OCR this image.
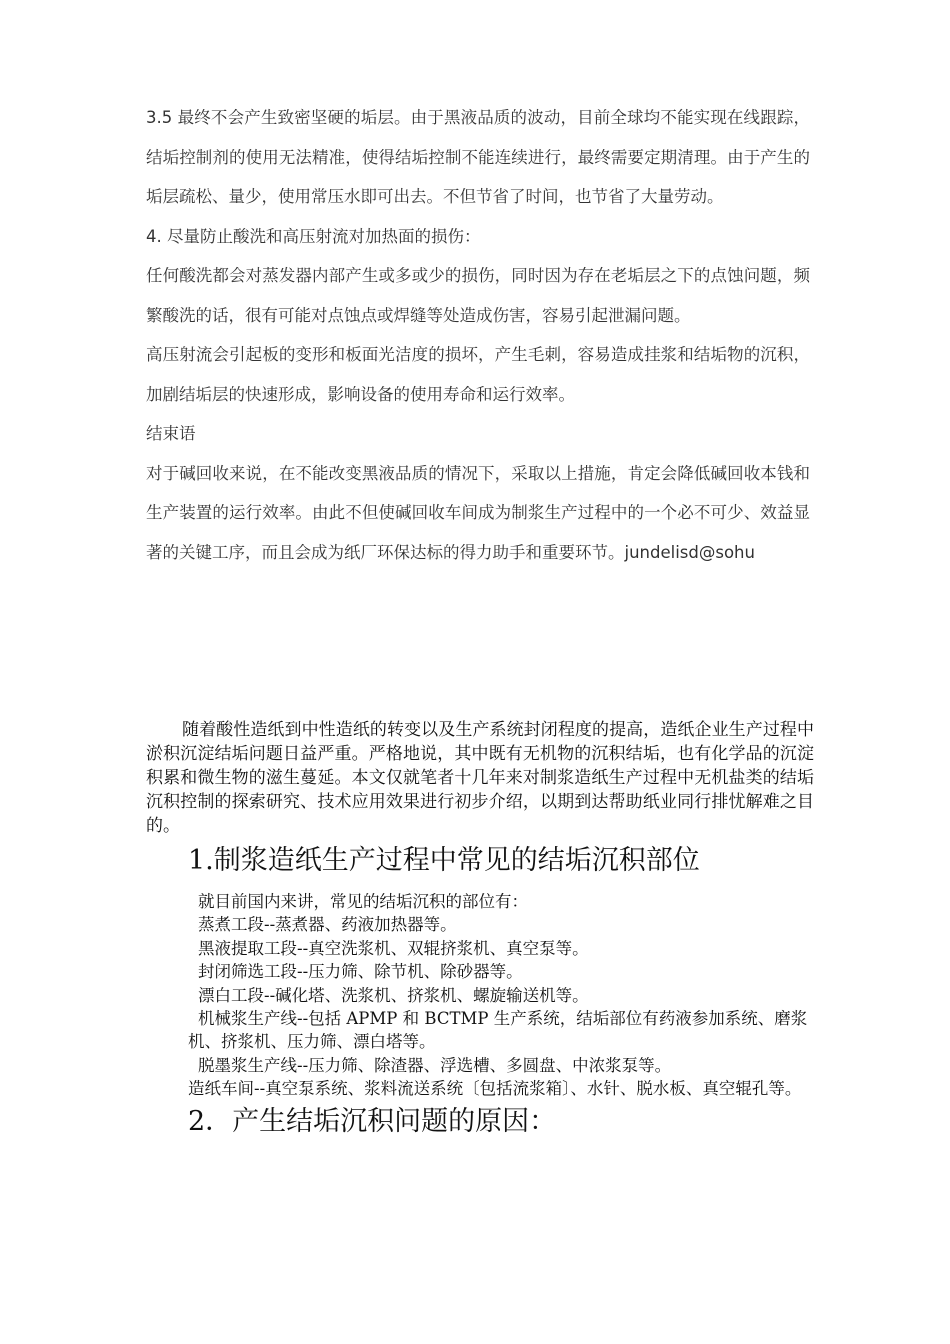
3.5 最终不会产生致密坚硬的垢层。由于黑液品质的波动，目前全球均不能实现在线跟踪，结垢控制剂的使用无法精准，使得结垢控制不能连续进行，最终需要定期清理。由于产生的垢层疏松、量少，使用常压水即可出去。不但节省了时间，也节省了大量劳动。

4. 尽量防止酸洗和高压射流对加热面的损伤：

任何酸洗都会对蒸发器内部产生或多或少的损伤，同时因为存在老垢层之下的点蚀问题，频繁酸洗的话，很有可能对点蚀点或焊缝等处造成伤害，容易引起泄漏问题。

高压射流会引起板的变形和板面光洁度的损坏，产生毛刺，容易造成挂浆和结垢物的沉积，加剧结垢层的快速形成，影响设备的使用寿命和运行效率。

结束语

对于碱回收来说，在不能改变黑液品质的情况下，采取以上措施，肯定会降低碱回收本钱和生产装置的运行效率。由此不但使碱回收车间成为制浆生产过程中的一个必不可少、效益显著的关键工序，而且会成为纸厂环保达标的得力助手和重要环节。jundelisd@sohu

随着酸性造纸到中性造纸的转变以及生产系统封闭程度的提高，造纸企业生产过程中淤积沉淀结垢问题日益严重。严格地说，其中既有无机物的沉积结垢，也有化学品的沉淀积累和微生物的滋生蔓延。本文仅就笔者十几年来对制浆造纸生产过程中无机盐类的结垢沉积控制的探索研究、技术应用效果进行初步介绍，以期到达帮助纸业同行排忧解难之目的。

1.制浆造纸生产过程中常见的结垢沉积部位

就目前国内来讲，常见的结垢沉积的部位有：

蒸煮工段--蒸煮器、药液加热器等。

黑液提取工段--真空洗浆机、双辊挤浆机、真空泵等。

封闭筛选工段--压力筛、除节机、除砂器等。

漂白工段--碱化塔、洗浆机、挤浆机、螺旋输送机等。

机械浆生产线--包括 APMP 和 BCTMP 生产系统，结垢部位有药液参加系统、磨浆机、挤浆机、压力筛、漂白塔等。

脱墨浆生产线--压力筛、除渣器、浮选槽、多圆盘、中浓浆泵等。

造纸车间--真空泵系统、浆料流送系统〔包括流浆箱〕、水针、脱水板、真空辊孔等。

2．产生结垢沉积问题的原因：
